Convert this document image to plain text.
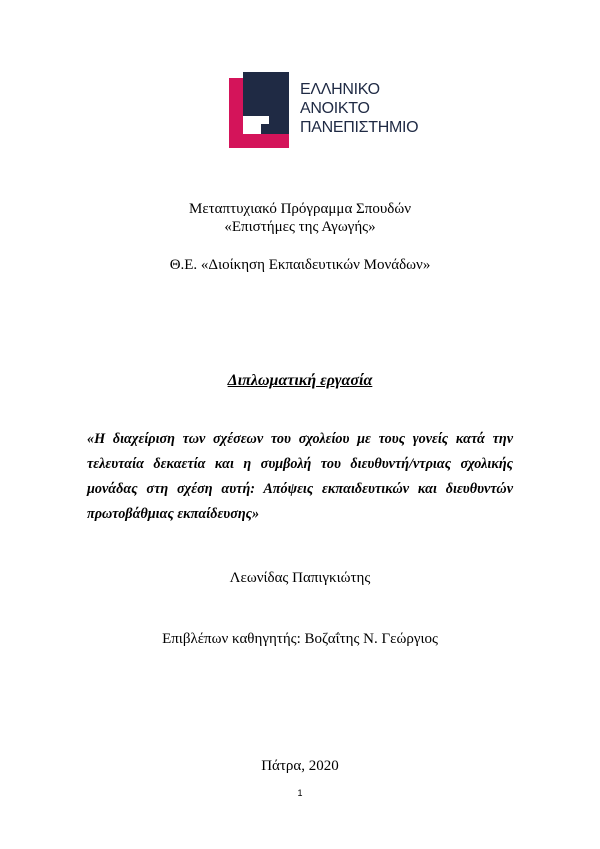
ΕΛΛΗΝΙΚΟ
ΑΝΟΙΚΤΟ
ΠΑΝΕΠΙΣΤΗΜΙΟ
Μεταπτυχιακό Πρόγραμμα Σπουδών
«Επιστήμες της Αγωγής»
Θ.Ε. «Διοίκηση Εκπαιδευτικών Μονάδων»
Διπλωματική εργασία
«Η διαχείριση των σχέσεων του σχολείου με τους γονείς κατά την
τελευταία δεκαετία και η συμβολή του διευθυντή/ντριας σχολικής
μονάδας στη σχέση αυτή: Απόψεις εκπαιδευτικών και διευθυντών
πρωτοβάθμιας εκπαίδευσης»
Λεωνίδας Παπιγκιώτης
Επιβλέπων καθηγητής: Βοζαΐτης Ν. Γεώργιος
Πάτρα, 2020
1
